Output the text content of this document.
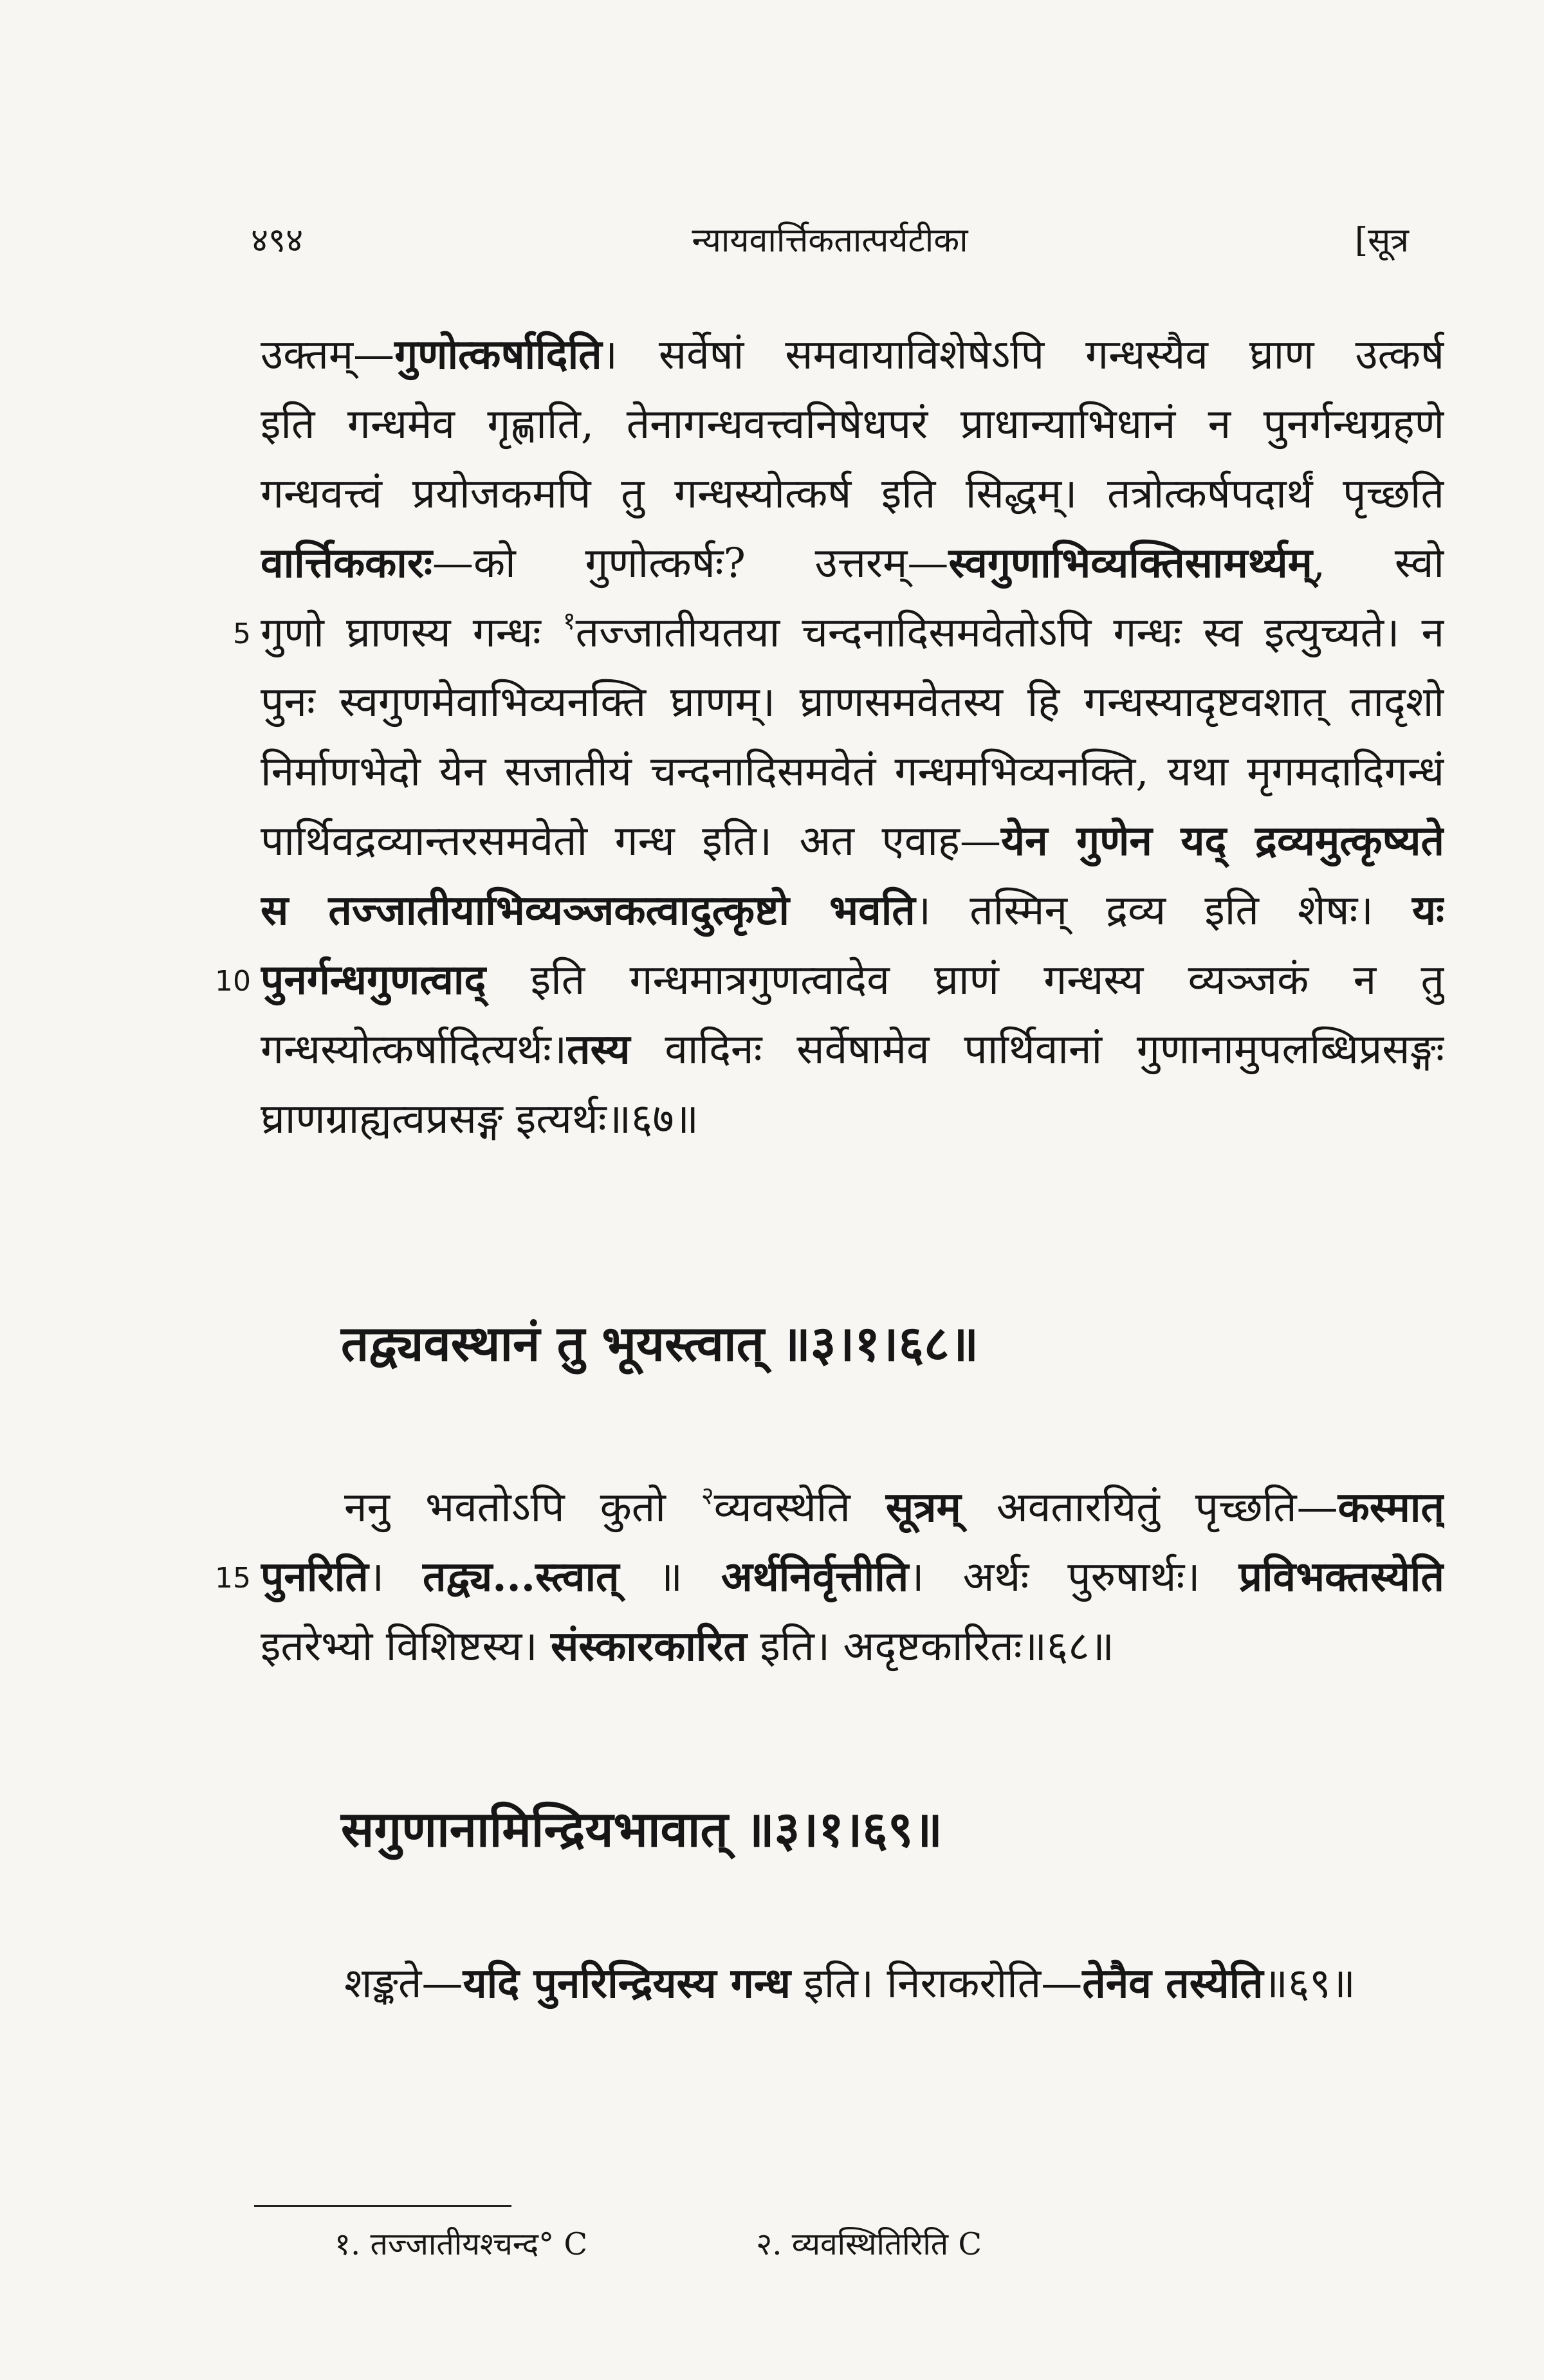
४९४	न्यायवार्त्तिकतात्पर्यटीका	[सूत्र
उक्तम्—गुणोत्कर्षादिति। सर्वेषां समवायाविशेषेऽपि गन्धस्यैव घ्राण उत्कर्ष
इति गन्धमेव गृह्णाति, तेनागन्धवत्त्वनिषेधपरं प्राधान्याभिधानं न पुनर्गन्धग्रहणे
गन्धवत्त्वं प्रयोजकमपि तु गन्धस्योत्कर्ष इति सिद्धम्। तत्रोत्कर्षपदार्थं पृच्छति
वार्त्तिककारः—को गुणोत्कर्षः? उत्तरम्—स्वगुणाभिव्यक्तिसामर्थ्यम्, स्वो
5 गुणो घ्राणस्य गन्धः $^१$तज्जातीयतया चन्दनादिसमवेतोऽपि गन्धः स्व इत्युच्यते। न
पुनः स्वगुणमेवाभिव्यनक्ति घ्राणम्। घ्राणसमवेतस्य हि गन्धस्यादृष्टवशात् तादृशो
निर्माणभेदो येन सजातीयं चन्दनादिसमवेतं गन्धमभिव्यनक्ति, यथा मृगमदादिगन्धं
पार्थिवद्रव्यान्तरसमवेतो गन्ध इति। अत एवाह—येन गुणेन यद् द्रव्यमुत्कृष्यते
स तज्जातीयाभिव्यञ्जकत्वादुत्कृष्टो भवति। तस्मिन् द्रव्य इति शेषः। यः
10 पुनर्गन्धगुणत्वाद् इति गन्धमात्रगुणत्वादेव घ्राणं गन्धस्य व्यञ्जकं न तु
गन्धस्योत्कर्षादित्यर्थः।तस्य वादिनः सर्वेषामेव पार्थिवानां गुणानामुपलब्धिप्रसङ्गः
घ्राणग्राह्यत्वप्रसङ्ग इत्यर्थः॥६७॥
तद्व्यवस्थानं तु भूयस्त्वात् ॥३।१।६८॥
ननु भवतोऽपि कुतो $^२$व्यवस्थेति सूत्रम् अवतारयितुं पृच्छति—कस्मात्
15 पुनरिति। तद्व्य...स्त्वात् ॥ अर्थनिर्वृत्तीति। अर्थः पुरुषार्थः। प्रविभक्तस्येति
इतरेभ्यो विशिष्टस्य। संस्कारकारित इति। अदृष्टकारितः॥६८॥
सगुणानामिन्द्रियभावात् ॥३।१।६९॥
शङ्कते—यदि पुनरिन्द्रियस्य गन्ध इति। निराकरोति—तेनैव तस्येति॥६९॥
१. तज्जातीयश्चन्द° C	२. व्यवस्थितिरिति C
